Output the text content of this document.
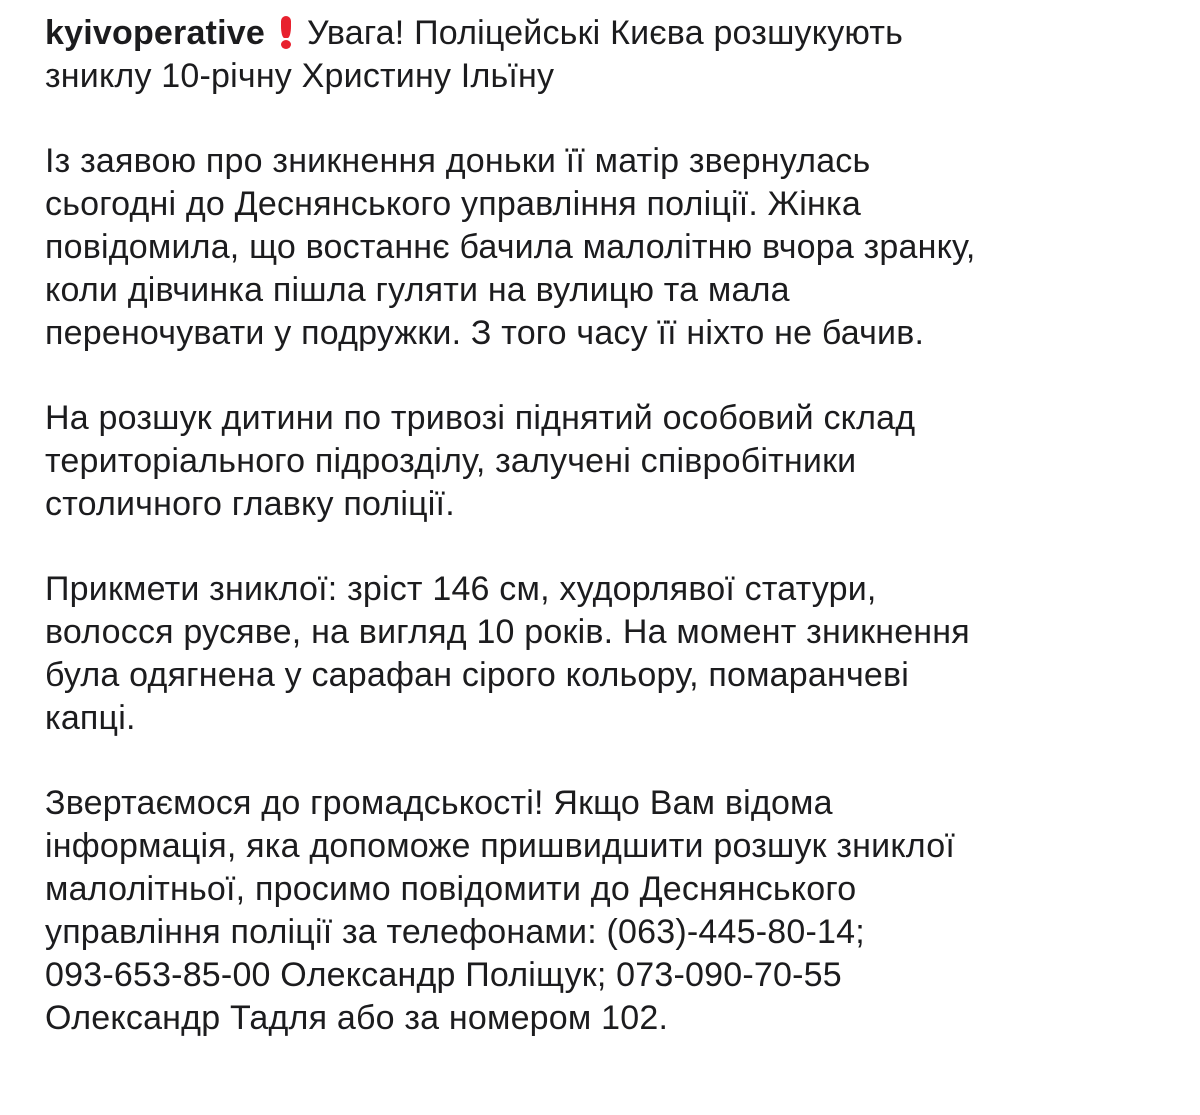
kyivoperative Увага! Поліцейські Києва розшукують
зниклу 10-річну Христину Ільїну
Із заявою про зникнення доньки її матір звернулась
сьогодні до Деснянського управління поліції. Жінка
повідомила, що востаннє бачила малолітню вчора зранку,
коли дівчинка пішла гуляти на вулицю та мала
переночувати у подружки. З того часу її ніхто не бачив.
На розшук дитини по тривозі піднятий особовий склад
територіального підрозділу, залучені співробітники
столичного главку поліції.
Прикмети зниклої: зріст 146 см, худорлявої статури,
волосся русяве, на вигляд 10 років. На момент зникнення
була одягнена у сарафан сірого кольору, помаранчеві
капці.
Звертаємося до громадськості! Якщо Вам відома
інформація, яка допоможе пришвидшити розшук зниклої
малолітньої, просимо повідомити до Деснянського
управління поліції за телефонами: (063)-445-80-14;
093-653-85-00 Олександр Поліщук; 073-090-70-55
Олександр Тадля або за номером 102.
